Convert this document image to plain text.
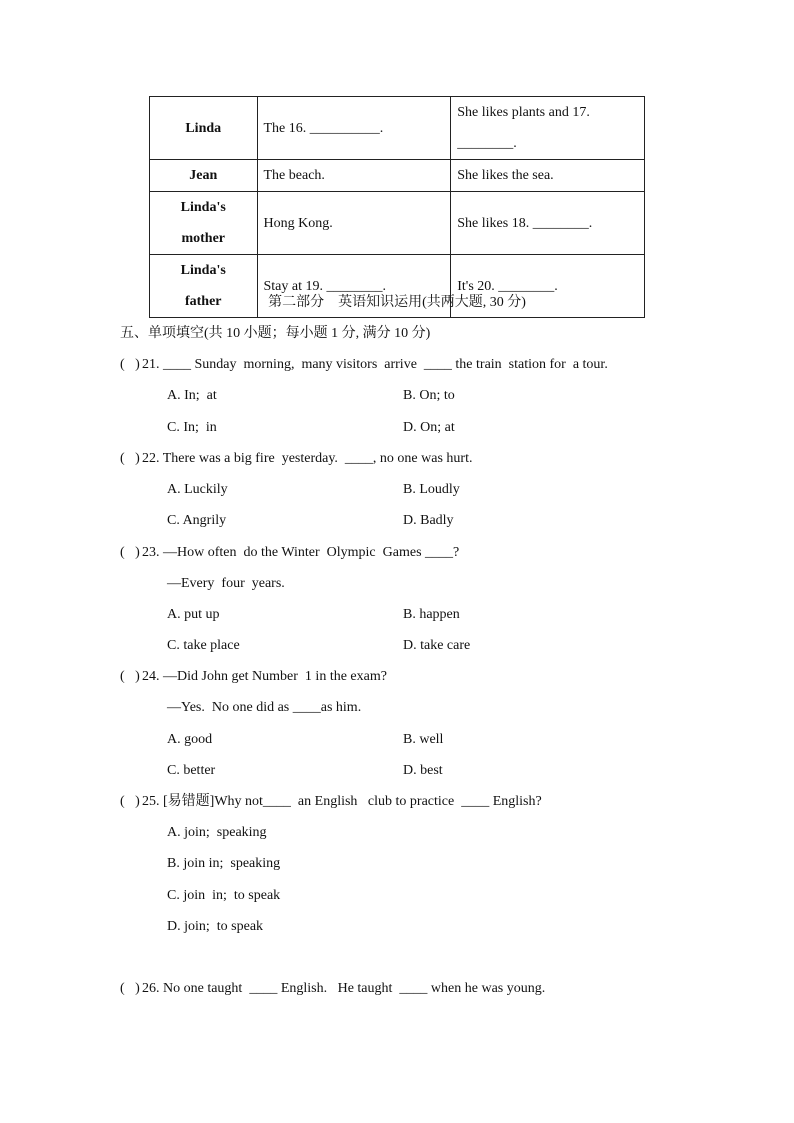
Linda	The 16. __________.	She likes plants and 17. ________.

Jean	The beach.	She likes the sea.

Linda's
mother	Hong Kong.	She likes 18. ________.

Linda's
father	Stay at 19. ________.	It's 20. ________.
第二部分    英语知识运用(共两大题, 30 分)
五、单项填空(共 10 小题；每小题 1 分, 满分 10 分)
(   ) 21. ____ Sunday  morning,  many visitors  arrive  ____ the train  station for  a tour.
A. In;  at	B. On; to
C. In;  in	D. On; at
(   ) 22. There was a big fire  yesterday.  ____, no one was hurt.
A. Luckily	B. Loudly
C. Angrily	D. Badly
(   ) 23. —How often  do the Winter  Olympic  Games ____?
—Every  four  years.
A. put up	B. happen
C. take place	D. take care
(   ) 24. —Did John get Number  1 in the exam?
—Yes.  No one did as ____as him.
A. good	B. well
C. better	D. best
(   ) 25. [易错题]Why not____  an English   club to practice  ____ English?
A. join;  speaking
B. join in;  speaking
C. join  in;  to speak
D. join;  to speak
(   ) 26. No one taught  ____ English.   He taught  ____ when he was young.
